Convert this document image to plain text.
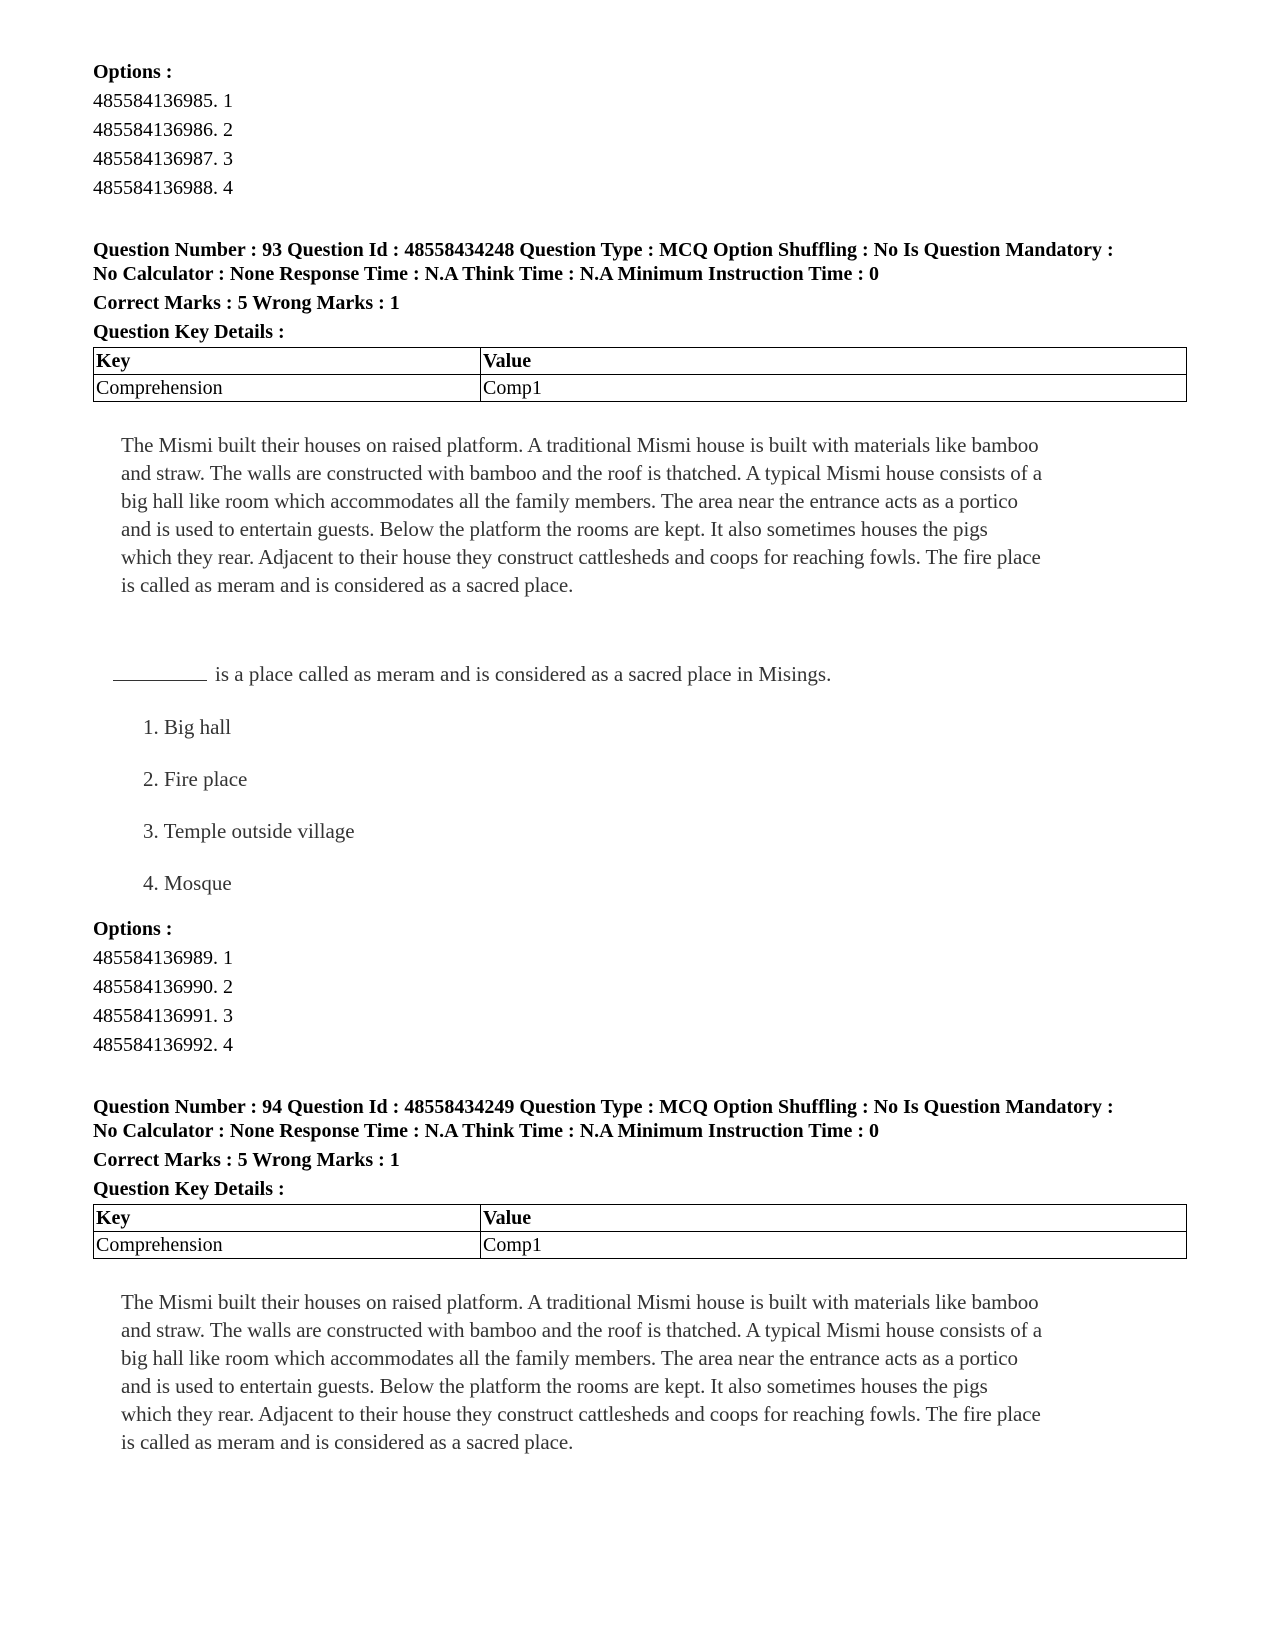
Options :
485584136985. 1
485584136986. 2
485584136987. 3
485584136988. 4
Question Number : 93 Question Id : 48558434248 Question Type : MCQ Option Shuffling : No Is Question Mandatory :
No Calculator : None Response Time : N.A Think Time : N.A Minimum Instruction Time : 0
Correct Marks : 5 Wrong Marks : 1
Question Key Details :
Key	Value
Comprehension	Comp1
The Mismi built their houses on raised platform. A traditional Mismi house is built with materials like bamboo
and straw. The walls are constructed with bamboo and the roof is thatched. A typical Mismi house consists of a
big hall like room which accommodates all the family members. The area near the entrance acts as a portico
and is used to entertain guests. Below the platform the rooms are kept. It also sometimes houses the pigs
which they rear. Adjacent to their house they construct cattlesheds and coops for reaching fowls. The fire place
is called as meram and is considered as a sacred place.
is a place called as meram and is considered as a sacred place in Misings.
1. Big hall
2. Fire place
3. Temple outside village
4. Mosque
Options :
485584136989. 1
485584136990. 2
485584136991. 3
485584136992. 4
Question Number : 94 Question Id : 48558434249 Question Type : MCQ Option Shuffling : No Is Question Mandatory :
No Calculator : None Response Time : N.A Think Time : N.A Minimum Instruction Time : 0
Correct Marks : 5 Wrong Marks : 1
Question Key Details :
Key	Value
Comprehension	Comp1
The Mismi built their houses on raised platform. A traditional Mismi house is built with materials like bamboo
and straw. The walls are constructed with bamboo and the roof is thatched. A typical Mismi house consists of a
big hall like room which accommodates all the family members. The area near the entrance acts as a portico
and is used to entertain guests. Below the platform the rooms are kept. It also sometimes houses the pigs
which they rear. Adjacent to their house they construct cattlesheds and coops for reaching fowls. The fire place
is called as meram and is considered as a sacred place.
